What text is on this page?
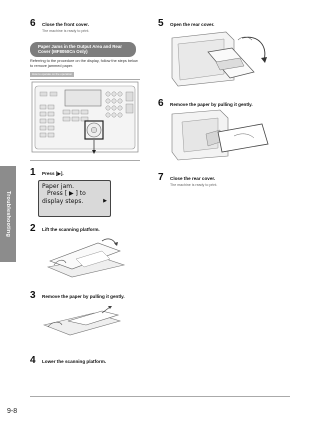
Troubleshooting
6	Close the front cover.
The machine is ready to print.
Paper Jams in the Output Area and Rear Cover (MF8050Cn Only)
Referring to the procedure on the display, follow the steps below to remove jammed paper.
How to operate on the operation
1	Press [▶].
Paper jam.
Press [ ▶ ] to
display steps.	▶
2	Lift the scanning platform.
3	Remove the paper by pulling it gently.
4	Lower the scanning platform.
5	Open the rear cover.
6	Remove the paper by pulling it gently.
7	Close the rear cover.
The machine is ready to print.
9-8
